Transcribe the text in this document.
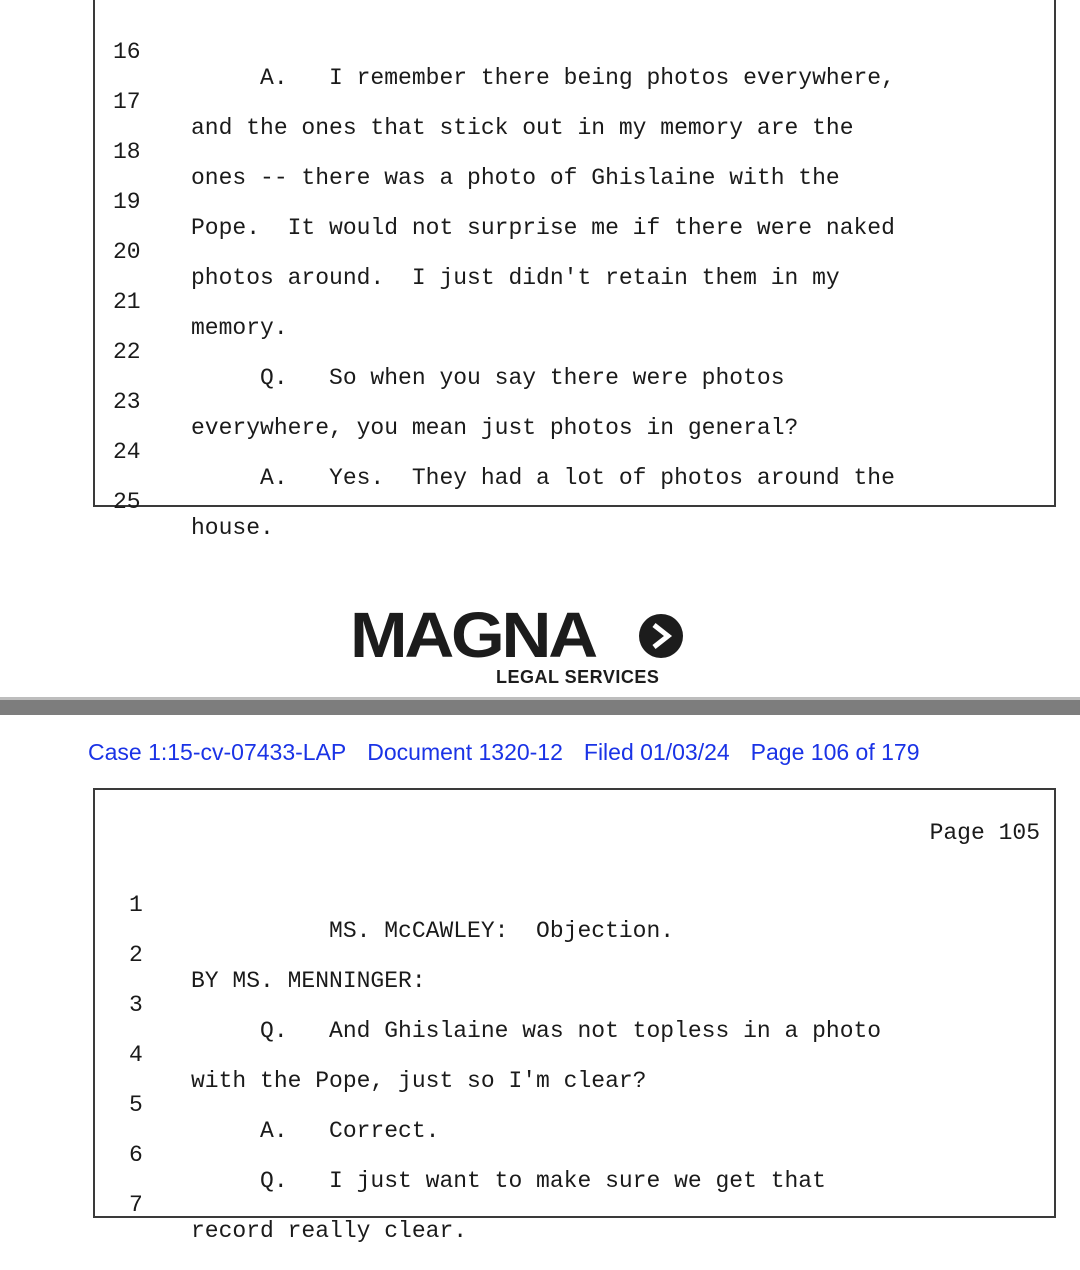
16

A.   I remember there being photos everywhere,

17

and the ones that stick out in my memory are the

18

ones -- there was a photo of Ghislaine with the

19

Pope.  It would not surprise me if there were naked

20

photos around.  I just didn't retain them in my

21

memory.

22

Q.   So when you say there were photos

23

everywhere, you mean just photos in general?

24

A.   Yes.  They had a lot of photos around the

25

house.

MAGNA
LEGAL SERVICES
Case 1:15-cv-07433-LAP Document 1320-12 Filed 01/03/24 Page 106 of 179
Page 105

1

MS. McCAWLEY:  Objection.

2

BY MS. MENNINGER:

3

Q.   And Ghislaine was not topless in a photo

4

with the Pope, just so I'm clear?

5

A.   Correct.

6

Q.   I just want to make sure we get that

7

record really clear.
